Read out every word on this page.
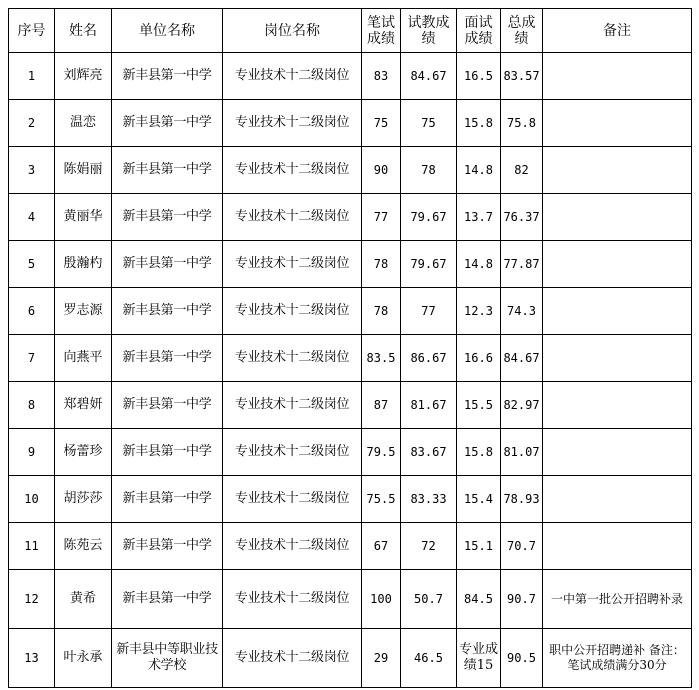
序号	姓名	单位名称	岗位名称	笔试成绩	试教成绩	面试成绩	总成绩	备注
1	刘辉亮	新丰县第一中学	专业技术十二级岗位	83	84.67	16.5	83.57	
2	温恋	新丰县第一中学	专业技术十二级岗位	75	75	15.8	75.8	
3	陈娟丽	新丰县第一中学	专业技术十二级岗位	90	78	14.8	82	
4	黄丽华	新丰县第一中学	专业技术十二级岗位	77	79.67	13.7	76.37	
5	殷瀚杓	新丰县第一中学	专业技术十二级岗位	78	79.67	14.8	77.87	
6	罗志源	新丰县第一中学	专业技术十二级岗位	78	77	12.3	74.3	
7	向燕平	新丰县第一中学	专业技术十二级岗位	83.5	86.67	16.6	84.67	
8	郑碧妍	新丰县第一中学	专业技术十二级岗位	87	81.67	15.5	82.97	
9	杨蕾珍	新丰县第一中学	专业技术十二级岗位	79.5	83.67	15.8	81.07	
10	胡莎莎	新丰县第一中学	专业技术十二级岗位	75.5	83.33	15.4	78.93	
11	陈苑云	新丰县第一中学	专业技术十二级岗位	67	72	15.1	70.7	
12	黄希	新丰县第一中学	专业技术十二级岗位	100	50.7	84.5	90.7	一中第一批公开招聘补录
13	叶永承	新丰县中等职业技术学校	专业技术十二级岗位	29	46.5	专业成绩15	90.5	职中公开招聘递补 备注：笔试成绩满分30分
